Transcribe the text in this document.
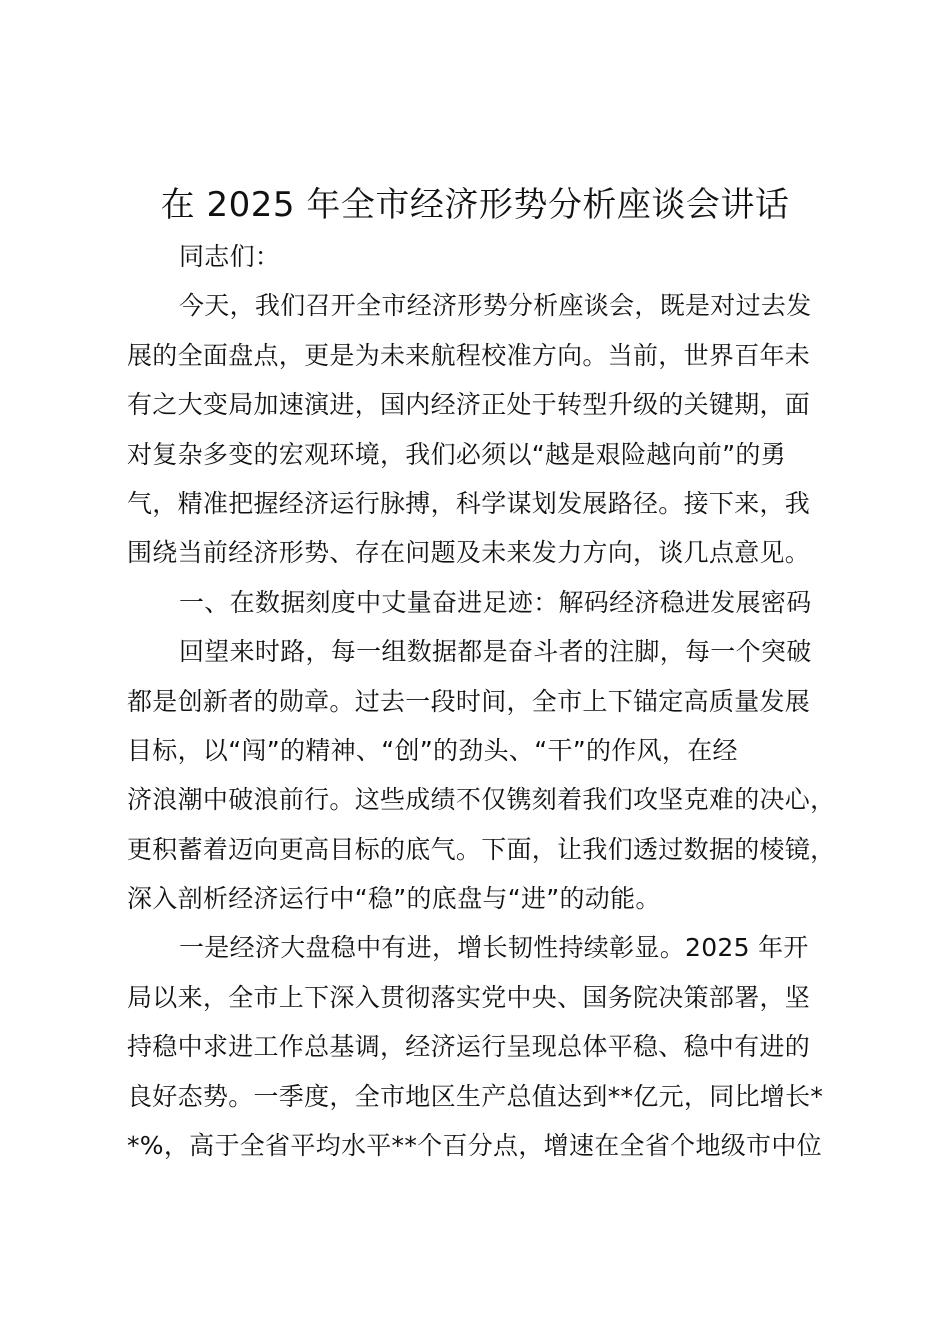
在 2025 年全市经济形势分析座谈会讲话
同志们：
今天，我们召开全市经济形势分析座谈会，既是对过去发
展的全面盘点，更是为未来航程校准方向。当前，世界百年未
有之大变局加速演进，国内经济正处于转型升级的关键期，面
对复杂多变的宏观环境，我们必须以“越是艰险越向前”的勇
气，精准把握经济运行脉搏，科学谋划发展路径。接下来，我
围绕当前经济形势、存在问题及未来发力方向，谈几点意见。
一、在数据刻度中丈量奋进足迹：解码经济稳进发展密码
回望来时路，每一组数据都是奋斗者的注脚，每一个突破
都是创新者的勋章。过去一段时间，全市上下锚定高质量发展
目标，以“闯”的精神、“创”的劲头、“干”的作风，在经
济浪潮中破浪前行。这些成绩不仅镌刻着我们攻坚克难的决心，
更积蓄着迈向更高目标的底气。下面，让我们透过数据的棱镜，
深入剖析经济运行中“稳”的底盘与“进”的动能。
一是经济大盘稳中有进，增长韧性持续彰显。2025 年开
局以来，全市上下深入贯彻落实党中央、国务院决策部署，坚
持稳中求进工作总基调，经济运行呈现总体平稳、稳中有进的
良好态势。一季度，全市地区生产总值达到**亿元，同比增长*
*%，高于全省平均水平**个百分点，增速在全省个地级市中位
